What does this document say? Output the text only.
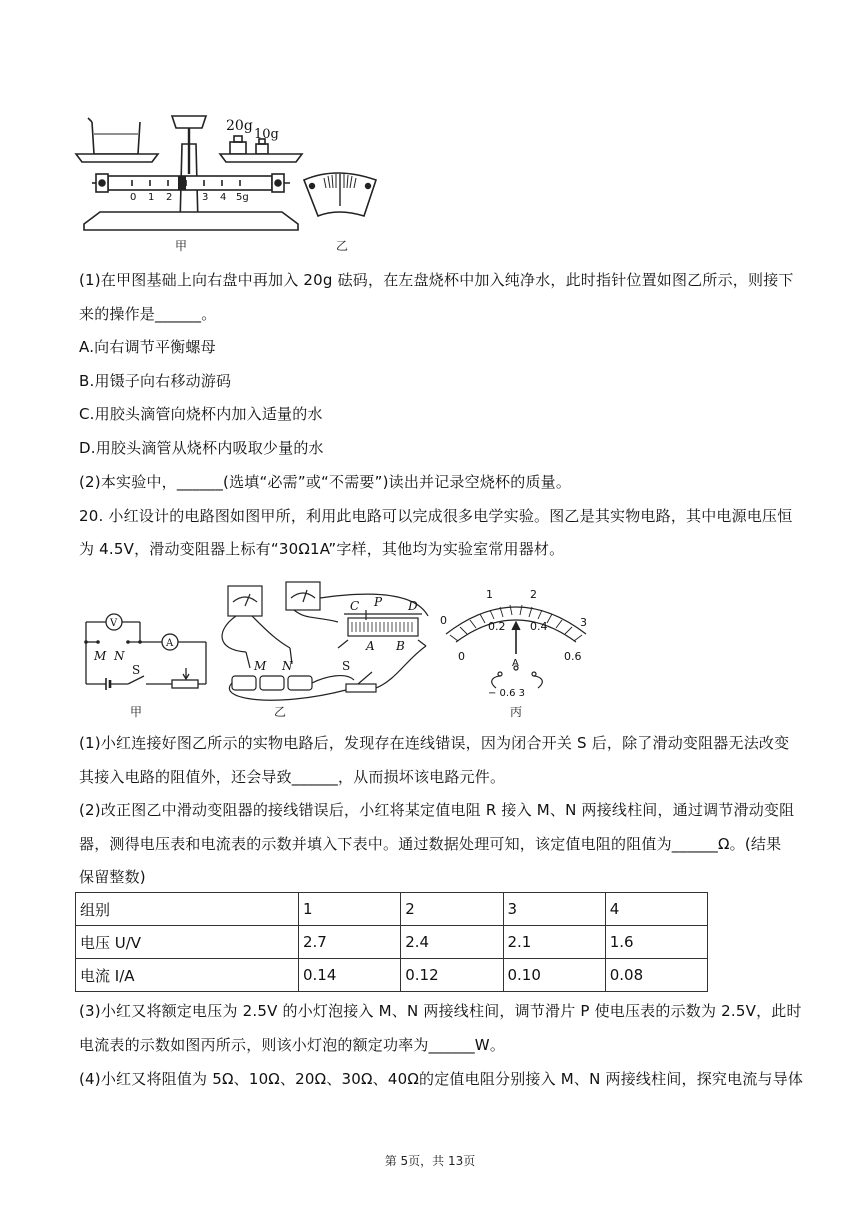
20g
10g
0 1 2	3 4 5g
甲	乙
(1)在甲图基础上向右盘中再加入 20g 砝码，在左盘烧杯中加入纯净水，此时指针位置如图乙所示，则接下
来的操作是______。
A.向右调节平衡螺母
B.用镊子向右移动游码
C.用胶头滴管向烧杯内加入适量的水
D.用胶头滴管从烧杯内吸取少量的水
(2)本实验中，______(选填“必需”或“不需要”)读出并记录空烧杯的质量。
20. 小红设计的电路图如图甲所，利用此电路可以完成很多电学实验。图乙是其实物电路，其中电源电压恒
为 4.5V，滑动变阻器上标有“30Ω1A”字样，其他均为实验室常用器材。
V
A
M N
S	M N	S
C P D
A B
0
1	2
3
0
0.2 0.4
0.6
A
− 0.6 3
甲	乙	丙
(1)小红连接好图乙所示的实物电路后，发现存在连线错误，因为闭合开关 S 后，除了滑动变阻器无法改变
其接入电路的阻值外，还会导致______，从而损坏该电路元件。
(2)改正图乙中滑动变阻器的接线错误后，小红将某定值电阻 R 接入 M、N 两接线柱间，通过调节滑动变阻
器，测得电压表和电流表的示数并填入下表中。通过数据处理可知，该定值电阻的阻值为______Ω。(结果
保留整数)
组别	1	2	3	4
电压 U/V	2.7	2.4	2.1	1.6
电流 I/A	0.14	0.12	0.10	0.08
(3)小红又将额定电压为 2.5V 的小灯泡接入 M、N 两接线柱间，调节滑片 P 使电压表的示数为 2.5V，此时
电流表的示数如图丙所示，则该小灯泡的额定功率为______W。
(4)小红又将阻值为 5Ω、10Ω、20Ω、30Ω、40Ω的定值电阻分别接入 M、N 两接线柱间，探究电流与导体
第 5页，共 13页
